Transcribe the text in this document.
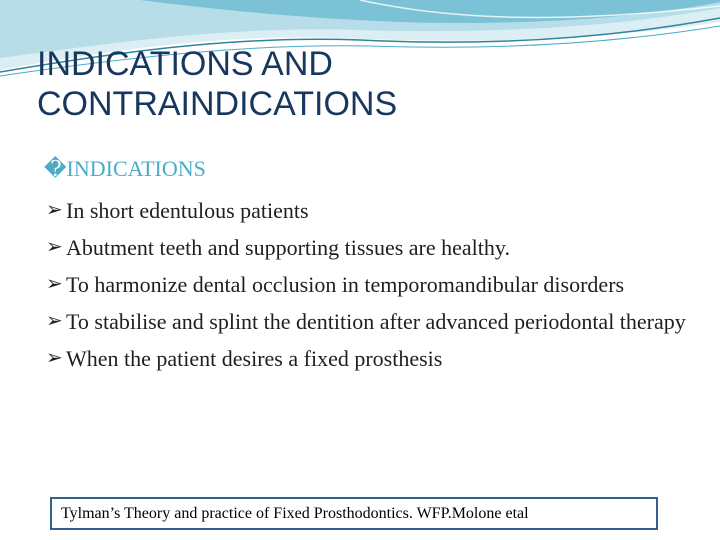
INDICATIONS AND
CONTRAINDICATIONS
�INDICATIONS
➢ In short edentulous patients
➢ Abutment teeth and supporting tissues are healthy.
➢ To harmonize dental occlusion in temporomandibular disorders
➢ To stabilise and splint the dentition after advanced periodontal therapy
➢ When the patient desires a fixed prosthesis
Tylman’s Theory and practice of Fixed Prosthodontics. WFP.Molone etal
